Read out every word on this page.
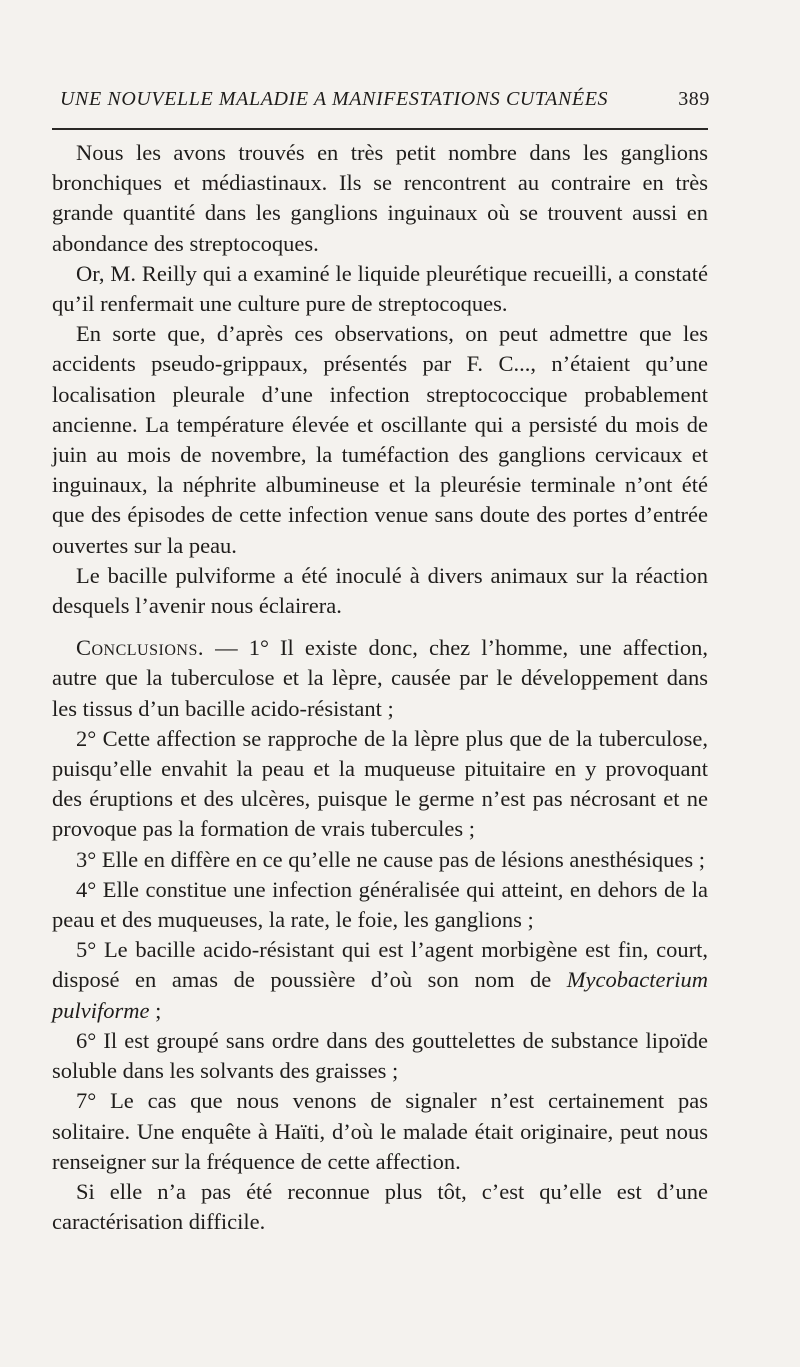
UNE NOUVELLE MALADIE A MANIFESTATIONS CUTANÉES	389

Nous les avons trouvés en très petit nombre dans les ganglions bronchiques et médiastinaux. Ils se rencontrent au contraire en très grande quantité dans les ganglions inguinaux où se trouvent aussi en abondance des streptocoques.

Or, M. Reilly qui a examiné le liquide pleurétique recueilli, a constaté qu’il renfermait une culture pure de streptocoques.

En sorte que, d’après ces observations, on peut admettre que les accidents pseudo-grippaux, présentés par F. C..., n’étaient qu’une localisation pleurale d’une infection streptococcique probablement ancienne. La température élevée et oscillante qui a persisté du mois de juin au mois de novembre, la tuméfaction des ganglions cervicaux et inguinaux, la néphrite albumineuse et la pleurésie terminale n’ont été que des épisodes de cette infection venue sans doute des portes d’entrée ouvertes sur la peau.

Le bacille pulviforme a été inoculé à divers animaux sur la réaction desquels l’avenir nous éclairera.

Conclusions. — 1° Il existe donc, chez l’homme, une affection, autre que la tuberculose et la lèpre, causée par le développement dans les tissus d’un bacille acido-résistant ;

2° Cette affection se rapproche de la lèpre plus que de la tuberculose, puisqu’elle envahit la peau et la muqueuse pituitaire en y provoquant des éruptions et des ulcères, puisque le germe n’est pas nécrosant et ne provoque pas la formation de vrais tubercules ;

3° Elle en diffère en ce qu’elle ne cause pas de lésions anesthésiques ;

4° Elle constitue une infection généralisée qui atteint, en dehors de la peau et des muqueuses, la rate, le foie, les ganglions ;

5° Le bacille acido-résistant qui est l’agent morbigène est fin, court, disposé en amas de poussière d’où son nom de Mycobacterium pulviforme ;

6° Il est groupé sans ordre dans des gouttelettes de substance lipoïde soluble dans les solvants des graisses ;

7° Le cas que nous venons de signaler n’est certainement pas solitaire. Une enquête à Haïti, d’où le malade était originaire, peut nous renseigner sur la fréquence de cette affection.

Si elle n’a pas été reconnue plus tôt, c’est qu’elle est d’une caractérisation difficile.
